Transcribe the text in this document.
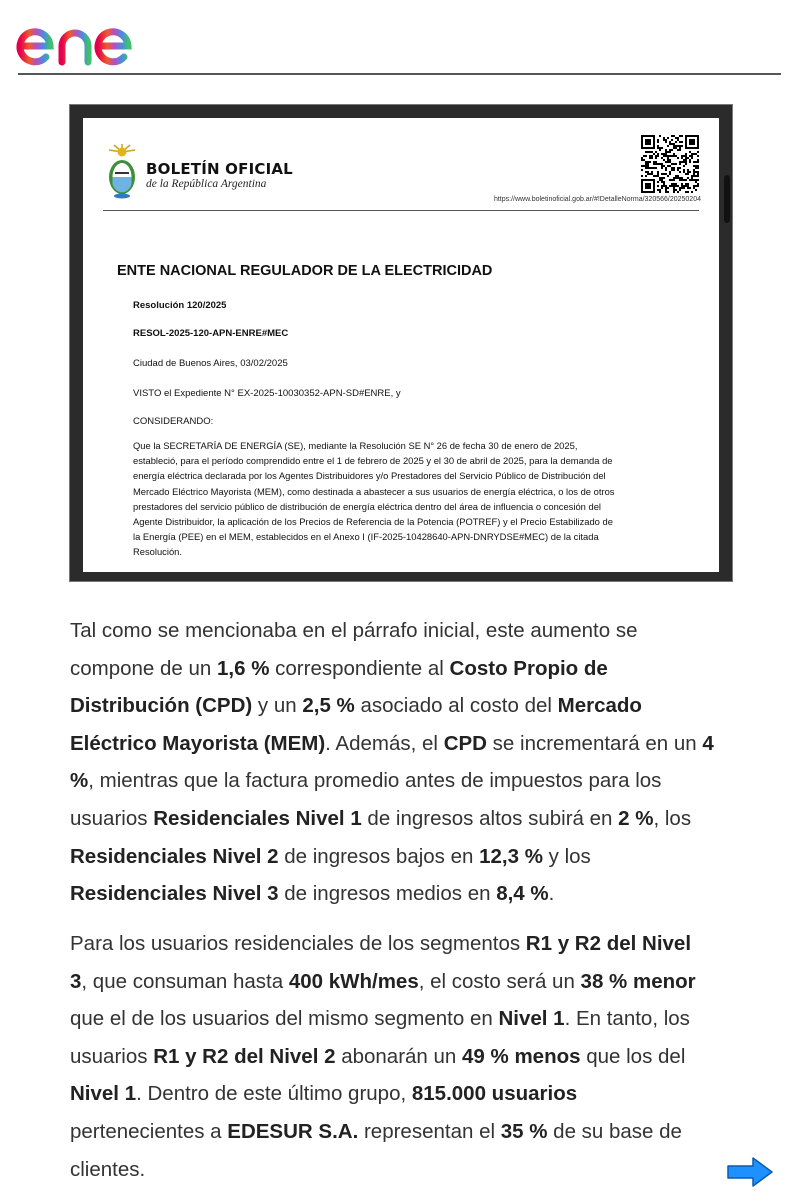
BOLETÍN OFICIAL
de la República Argentina
https://www.boletinoficial.gob.ar/#!DetalleNorma/320566/20250204
ENTE NACIONAL REGULADOR DE LA ELECTRICIDAD
Resolución 120/2025
RESOL-2025-120-APN-ENRE#MEC
Ciudad de Buenos Aires, 03/02/2025
VISTO el Expediente N° EX-2025-10030352-APN-SD#ENRE, y
CONSIDERANDO:
Que la SECRETARÍA DE ENERGÍA (SE), mediante la Resolución SE N° 26 de fecha 30 de enero de 2025,
estableció, para el período comprendido entre el 1 de febrero de 2025 y el 30 de abril de 2025, para la demanda de
energía eléctrica declarada por los Agentes Distribuidores y/o Prestadores del Servicio Público de Distribución del
Mercado Eléctrico Mayorista (MEM), como destinada a abastecer a sus usuarios de energía eléctrica, o los de otros
prestadores del servicio público de distribución de energía eléctrica dentro del área de influencia o concesión del
Agente Distribuidor, la aplicación de los Precios de Referencia de la Potencia (POTREF) y el Precio Estabilizado de
la Energía (PEE) en el MEM, establecidos en el Anexo I (IF-2025-10428640-APN-DNRYDSE#MEC) de la citada
Resolución.
Tal como se mencionaba en el párrafo inicial, este aumento se
compone de un 1,6 % correspondiente al Costo Propio de
Distribución (CPD) y un 2,5 % asociado al costo del Mercado
Eléctrico Mayorista (MEM). Además, el CPD se incrementará en un 4
%, mientras que la factura promedio antes de impuestos para los
usuarios Residenciales Nivel 1 de ingresos altos subirá en 2 %, los
Residenciales Nivel 2 de ingresos bajos en 12,3 % y los
Residenciales Nivel 3 de ingresos medios en 8,4 %.
Para los usuarios residenciales de los segmentos R1 y R2 del Nivel
3, que consuman hasta 400 kWh/mes, el costo será un 38 % menor
que el de los usuarios del mismo segmento en Nivel 1. En tanto, los
usuarios R1 y R2 del Nivel 2 abonarán un 49 % menos que los del
Nivel 1. Dentro de este último grupo, 815.000 usuarios
pertenecientes a EDESUR S.A. representan el 35 % de su base de
clientes.
